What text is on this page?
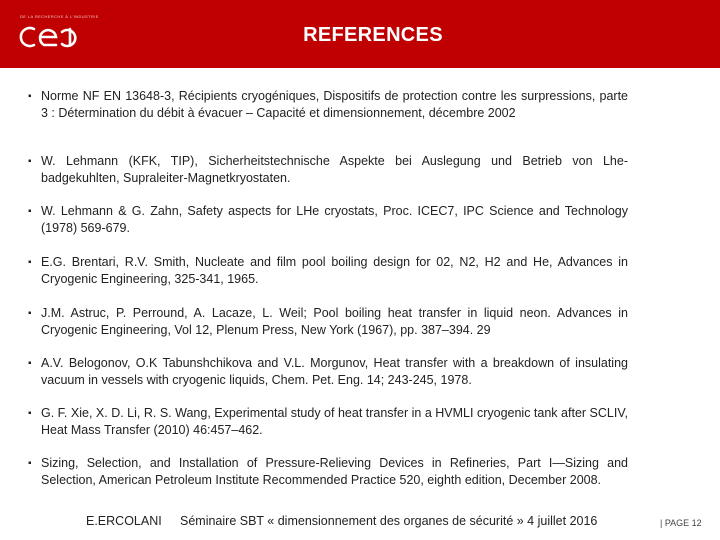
DE LA RECHERCHE À L'INDUSTRIE
REFERENCES
▪ Norme NF EN 13648-3, Récipients cryogéniques, Dispositifs de protection contre les surpressions, parte 3 : Détermination du débit à évacuer – Capacité et dimensionnement, décembre 2002
▪ W. Lehmann (KFK, TIP), Sicherheitstechnische Aspekte bei Auslegung und Betrieb von Lhe-badgekuhlten, Supraleiter-Magnetkryostaten.
▪ W. Lehmann & G. Zahn, Safety aspects for LHe cryostats, Proc. ICEC7, IPC Science and Technology (1978) 569-679.
▪ E.G. Brentari, R.V. Smith, Nucleate and film pool boiling design for 02, N2, H2 and He, Advances in Cryogenic Engineering, 325-341, 1965.
▪ J.M. Astruc, P. Perround, A. Lacaze, L. Weil; Pool boiling heat transfer in liquid neon. Advances in Cryogenic Engineering, Vol 12, Plenum Press, New York (1967), pp. 387–394. 29
▪ A.V. Belogonov, O.K Tabunshchikova and V.L. Morgunov, Heat transfer with a breakdown of insulating vacuum in vessels with cryogenic liquids, Chem. Pet. Eng. 14; 243-245, 1978.
▪ G. F. Xie, X. D. Li, R. S. Wang, Experimental study of heat transfer in a HVMLI cryogenic tank after SCLIV, Heat Mass Transfer (2010) 46:457–462.
▪ Sizing, Selection, and Installation of Pressure-Relieving Devices in Refineries, Part I—Sizing and Selection, American Petroleum Institute Recommended Practice 520, eighth edition, December 2008.
E.ERCOLANI Séminaire SBT « dimensionnement des organes de sécurité » 4 juillet 2016	| PAGE 12
